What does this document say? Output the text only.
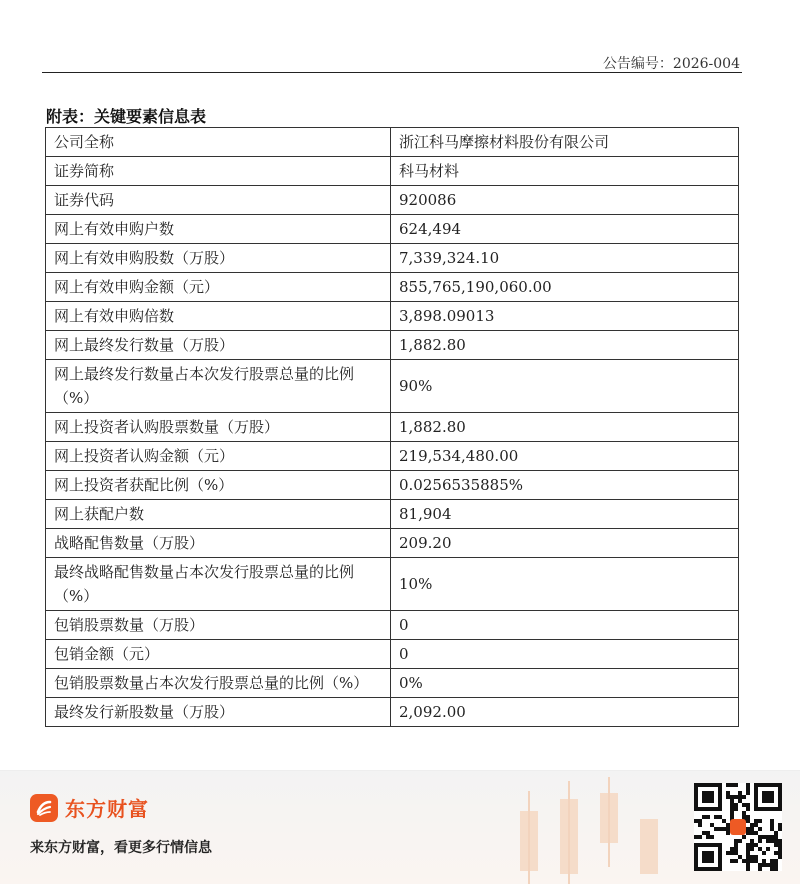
公告编号：2026-004
附表：关键要素信息表
公司全称	浙江科马摩擦材料股份有限公司
证券简称	科马材料
证券代码	920086
网上有效申购户数	624,494
网上有效申购股数（万股）	7,339,324.10
网上有效申购金额（元）	855,765,190,060.00
网上有效申购倍数	3,898.09013
网上最终发行数量（万股）	1,882.80
网上最终发行数量占本次发行股票总量的比例（%）	90%
网上投资者认购股票数量（万股）	1,882.80
网上投资者认购金额（元）	219,534,480.00
网上投资者获配比例（%）	0.0256535885%
网上获配户数	81,904
战略配售数量（万股）	209.20
最终战略配售数量占本次发行股票总量的比例（%）	10%
包销股票数量（万股）	0
包销金额（元）	0
包销股票数量占本次发行股票总量的比例（%）	0%
最终发行新股数量（万股）	2,092.00
东方财富
来东方财富，看更多行情信息
